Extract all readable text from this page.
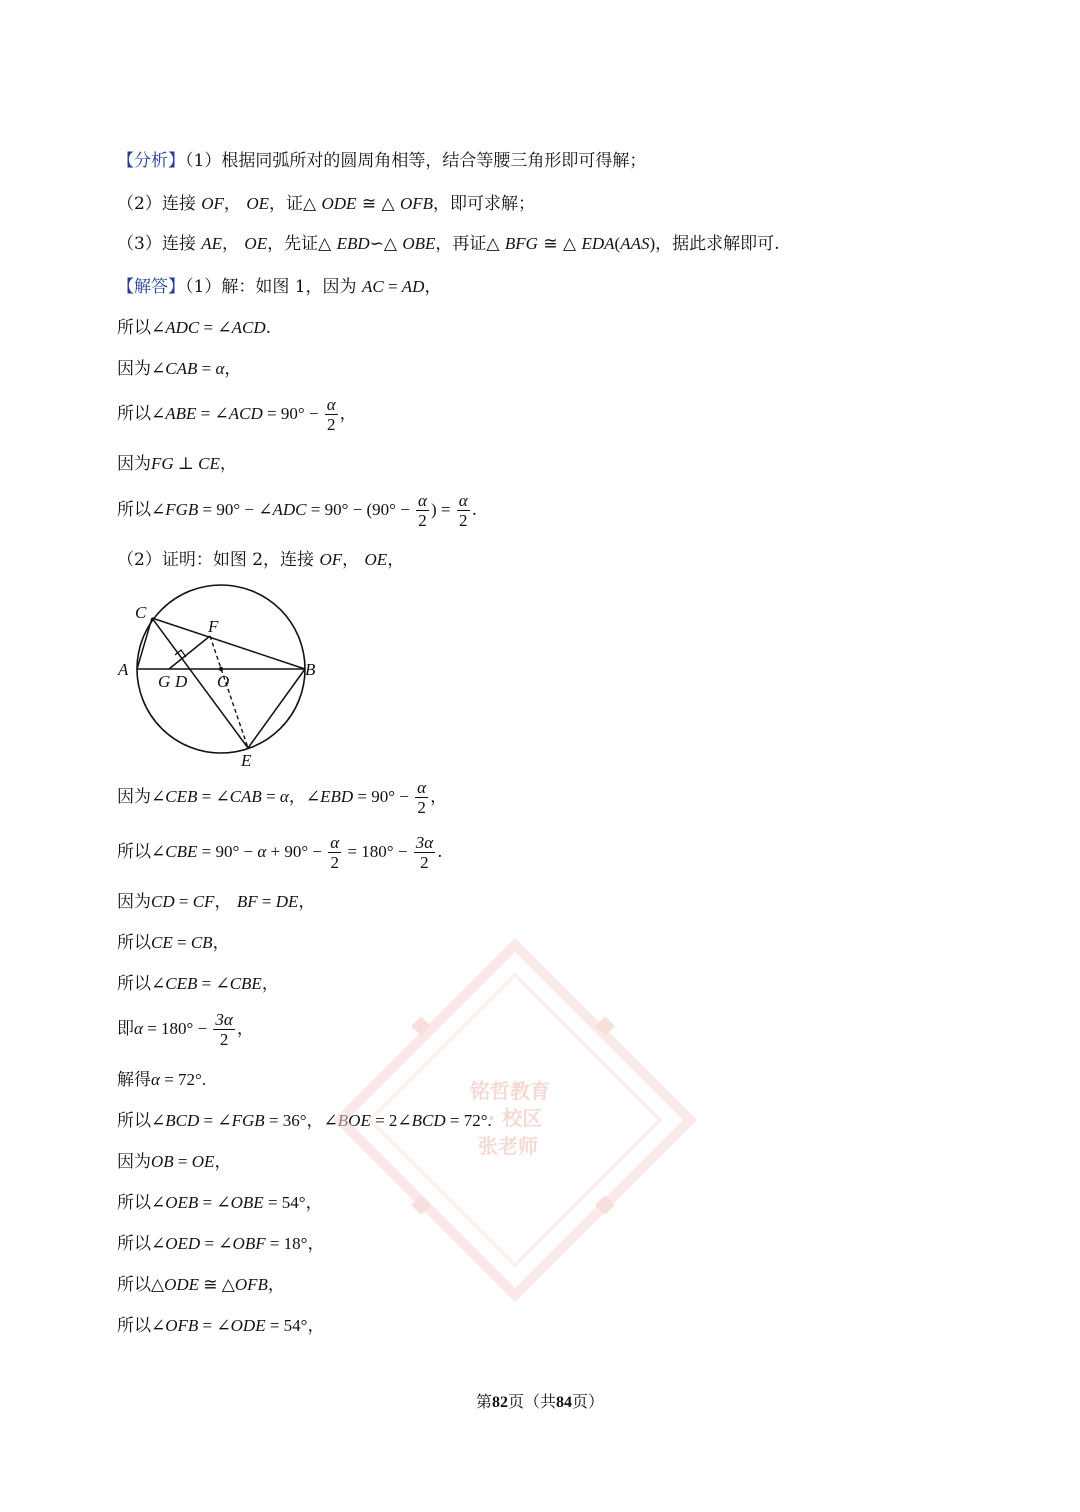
【分析】（1）根据同弧所对的圆周角相等，结合等腰三角形即可得解；
（2）连接 OF， OE，证△ ODE ≅ △ OFB，即可求解；
（3）连接 AE， OE，先证△ EBD∽△ OBE，再证△ BFG ≅ △ EDA(AAS)，据此求解即可.
【解答】（1）解：如图 1，因为 AC = AD，
所以∠ADC = ∠ACD.
因为∠CAB = α，
所以∠ABE = ∠ACD = $90^\circ - \frac{\alpha}{2}$ ，
因为FG ⊥ CE，
所以∠FGB = 90° − ∠ADC = $90^\circ - (90^\circ - \frac{\alpha}{2}$ ) = $\frac{\alpha}{2}$ .
（2）证明：如图 2，连接 OF， OE，
C
F
A
G D O
B
E
因为∠CEB = ∠CAB = α，∠EBD = $90^\circ - \frac{\alpha}{2}$ ，
所以∠CBE = $90^\circ - \alpha + 90^\circ - \frac{\alpha}{2} = 180^\circ - \frac{3\alpha}{2}$ .
因为CD = CF， BF = DE，
所以CE = CB，
所以∠CEB = ∠CBE，
即$\alpha = 180^\circ - \frac{3\alpha}{2}$ ，
解得α = 72°.
所以∠BCD = ∠FGB = 36°，∠BOE = 2∠BCD = 72°.
因为OB = OE，
所以∠OEB = ∠OBE = 54°，
所以∠OED = ∠OBF = 18°，
所以△ODE ≅ △OFB，
所以∠OFB = ∠ODE = 54°，
铭哲教育
· 校区
张老师
第82页（共84页）
